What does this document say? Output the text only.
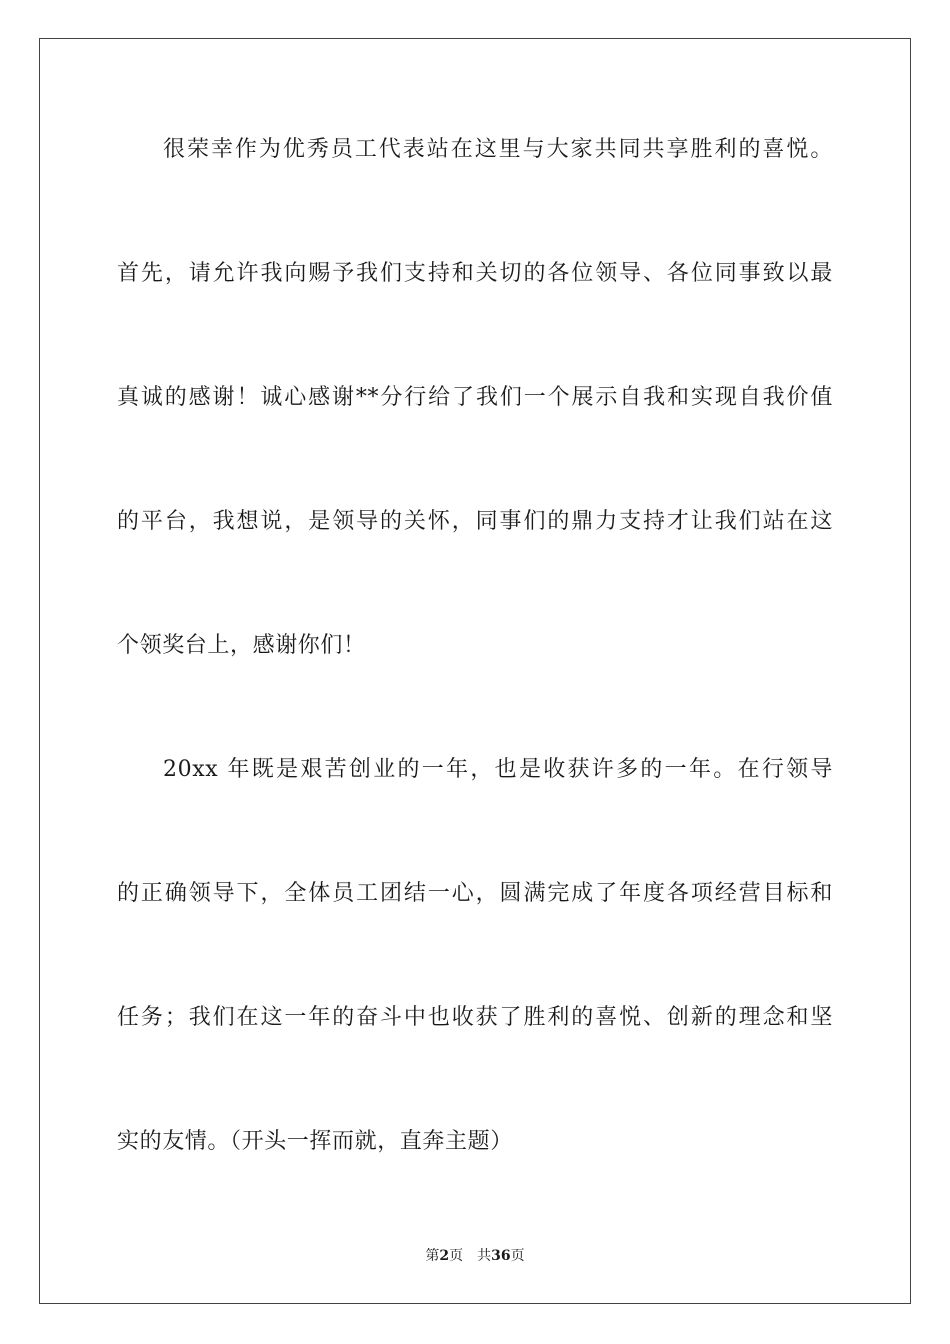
很荣幸作为优秀员工代表站在这里与大家共同共享胜利的喜悦。

首先，请允许我向赐予我们支持和关切的各位领导、各位同事致以最

真诚的感谢！诚心感谢**分行给了我们一个展示自我和实现自我价值

的平台，我想说，是领导的关怀，同事们的鼎力支持才让我们站在这

个领奖台上，感谢你们！

20xx 年既是艰苦创业的一年，也是收获许多的一年。在行领导

的正确领导下，全体员工团结一心，圆满完成了年度各项经营目标和

任务；我们在这一年的奋斗中也收获了胜利的喜悦、创新的理念和坚

实的友情。（开头一挥而就，直奔主题）

第2页 共36页
